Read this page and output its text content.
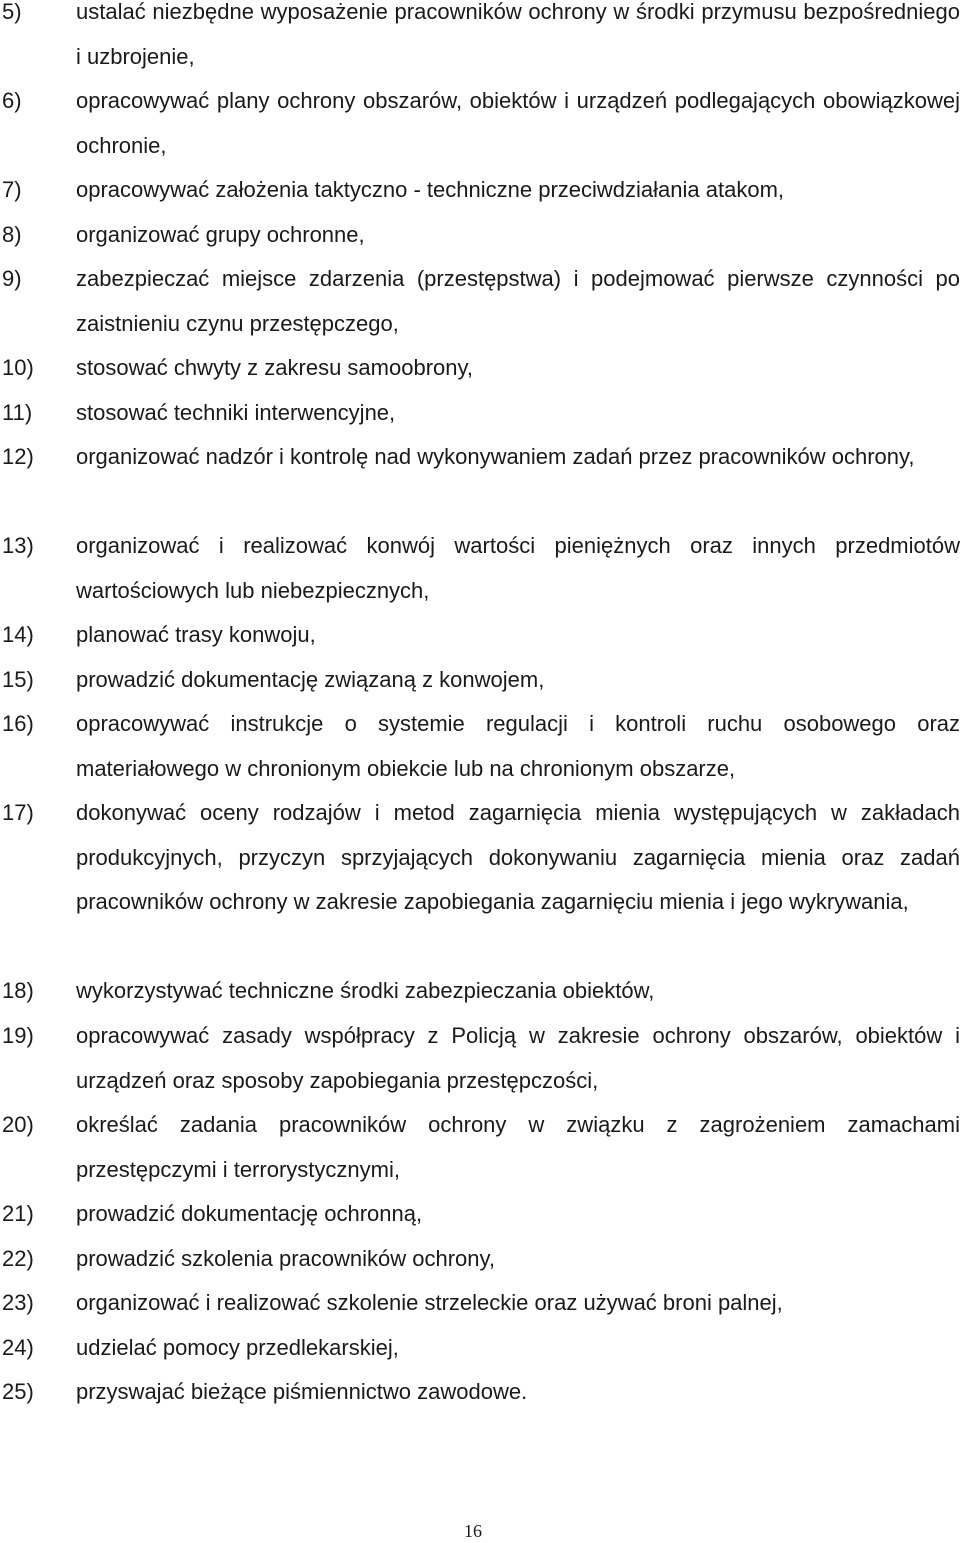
5) ustalać niezbędne wyposażenie pracowników ochrony w środki przymusu bezpośredniego i uzbrojenie,
6) opracowywać plany ochrony obszarów, obiektów i urządzeń podlegających obowiązkowej ochronie,
7) opracowywać założenia taktyczno - techniczne przeciwdziałania atakom,
8) organizować grupy ochronne,
9) zabezpieczać miejsce zdarzenia (przestępstwa) i podejmować pierwsze czynności po zaistnieniu czynu przestępczego,
10) stosować chwyty z zakresu samoobrony,
11) stosować techniki interwencyjne,
12) organizować nadzór i kontrolę nad wykonywaniem zadań przez pracowników ochrony,
13) organizować i realizować konwój wartości pieniężnych oraz innych przedmiotów wartościowych lub niebezpiecznych,
14) planować trasy konwoju,
15) prowadzić dokumentację związaną z konwojem,
16) opracowywać instrukcje o systemie regulacji i kontroli ruchu osobowego oraz materiałowego w chronionym obiekcie lub na chronionym obszarze,
17) dokonywać oceny rodzajów i metod zagarnięcia mienia występujących w zakładach produkcyjnych, przyczyn sprzyjających dokonywaniu zagarnięcia mienia oraz zadań pracowników ochrony w zakresie zapobiegania zagarnięciu mienia i jego wykrywania,
18) wykorzystywać techniczne środki zabezpieczania obiektów,
19) opracowywać zasady współpracy z Policją w zakresie ochrony obszarów, obiektów i urządzeń oraz sposoby zapobiegania przestępczości,
20) określać zadania pracowników ochrony w związku z zagrożeniem zamachami przestępczymi i terrorystycznymi,
21) prowadzić dokumentację ochronną,
22) prowadzić szkolenia pracowników ochrony,
23) organizować i realizować szkolenie strzeleckie oraz używać broni palnej,
24) udzielać pomocy przedlekarskiej,
25) przyswajać bieżące piśmiennictwo zawodowe.
16
